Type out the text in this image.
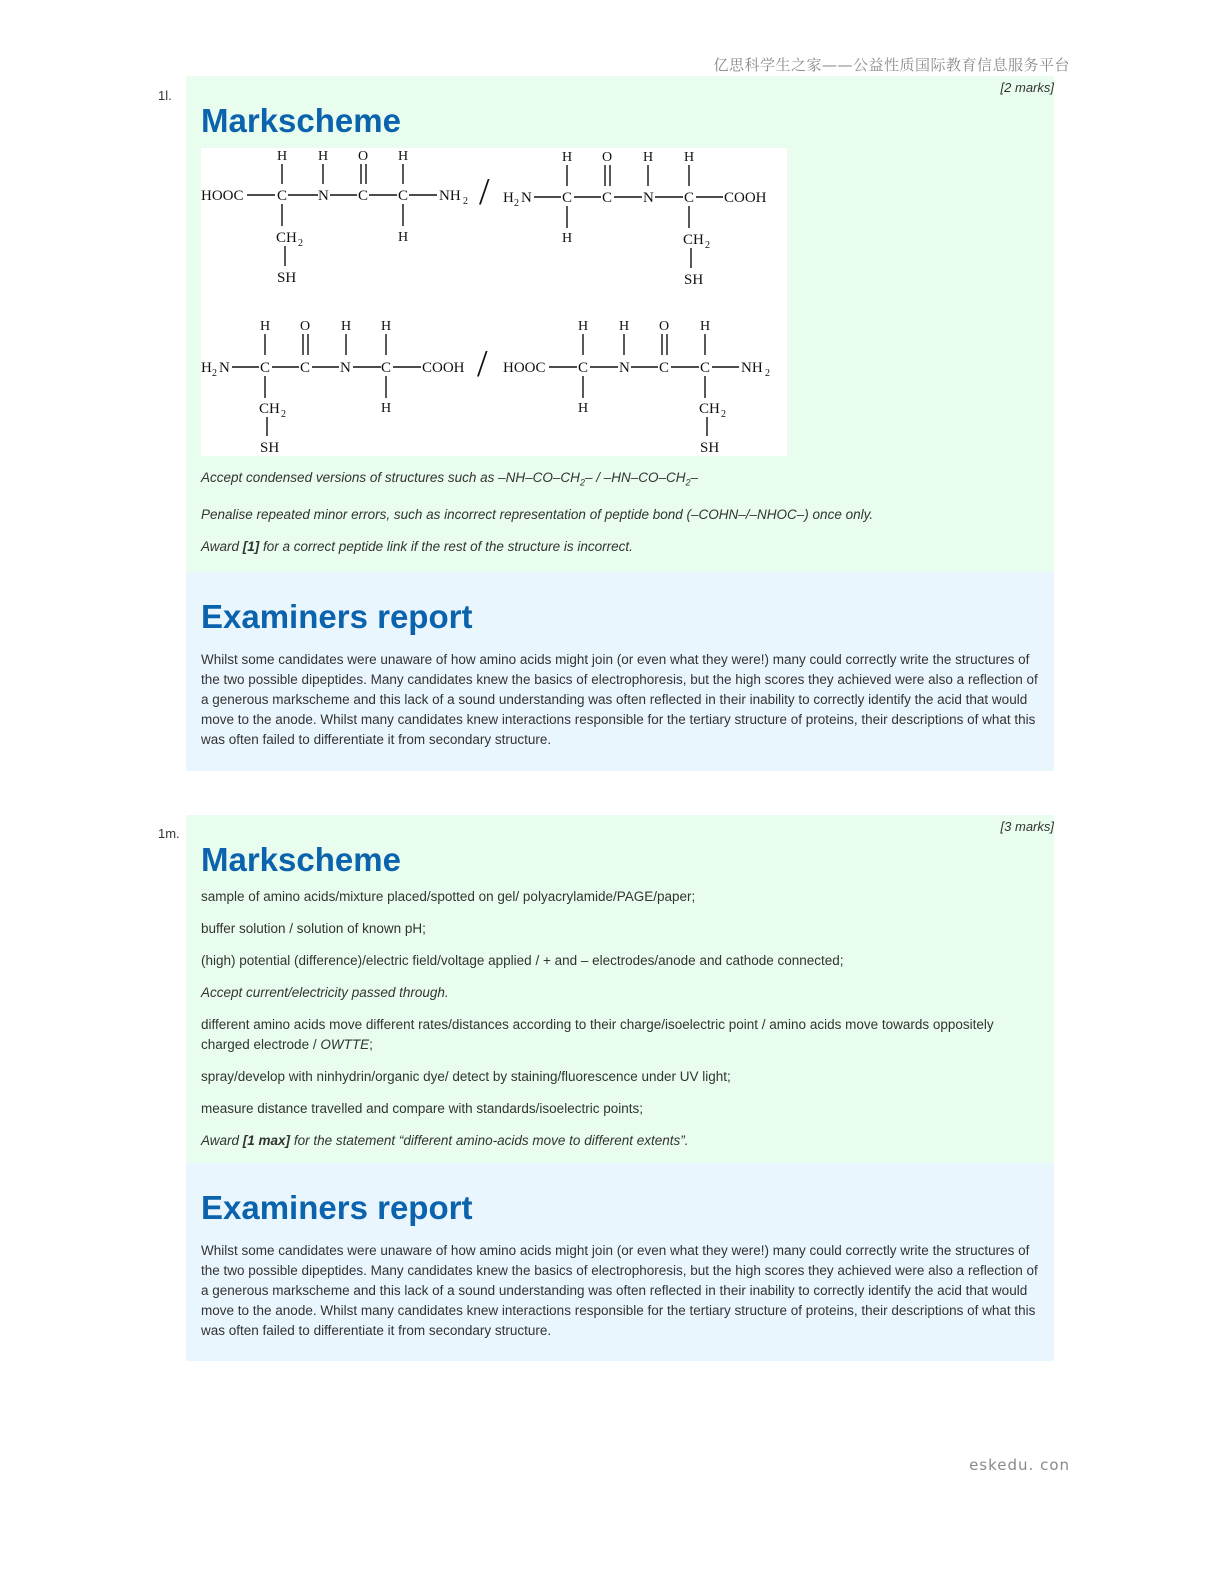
亿思科学生之家——公益性质国际教育信息服务平台
1l.
[2 marks]
Markscheme
HOOC C N C C NH 2
H H O H
CH 2
SH
H
/ H 2 N C C N C COOH
H O H H
H	CH 2
SH
H 2 N C C N C COOH
H O H H
CH 2
SH
H
/ HOOC C N C C NH 2
H H O H
H	CH 2
SH

Accept condensed versions of structures such as $-NH-CO-CH_2- / -HN-CO-CH_2-$

Penalise repeated minor errors, such as incorrect representation of peptide bond (–COHN–/–NHOC–) once only.

Award [1] for a correct peptide link if the rest of the structure is incorrect.

Examiners report

Whilst some candidates were unaware of how amino acids might join (or even what they were!) many could correctly write the structures of the two possible dipeptides. Many candidates knew the basics of electrophoresis, but the high scores they achieved were also a reflection of a generous markscheme and this lack of a sound understanding was often reflected in their inability to correctly identify the acid that would move to the anode. Whilst many candidates knew interactions responsible for the tertiary structure of proteins, their descriptions of what this was often failed to differentiate it from secondary structure.

1m.	[3 marks]
Markscheme

sample of amino acids/mixture placed/spotted on gel/ polyacrylamide/PAGE/paper;

buffer solution / solution of known pH;

(high) potential (difference)/electric field/voltage applied / + and – electrodes/anode and cathode connected;

Accept current/electricity passed through.

different amino acids move different rates/distances according to their charge/isoelectric point / amino acids move towards oppositely charged electrode / OWTTE;

spray/develop with ninhydrin/organic dye/ detect by staining/fluorescence under UV light;

measure distance travelled and compare with standards/isoelectric points;

Award [1 max] for the statement “different amino-acids move to different extents”.

Examiners report

Whilst some candidates were unaware of how amino acids might join (or even what they were!) many could correctly write the structures of the two possible dipeptides. Many candidates knew the basics of electrophoresis, but the high scores they achieved were also a reflection of a generous markscheme and this lack of a sound understanding was often reflected in their inability to correctly identify the acid that would move to the anode. Whilst many candidates knew interactions responsible for the tertiary structure of proteins, their descriptions of what this was often failed to differentiate it from secondary structure.

eskedu. con
